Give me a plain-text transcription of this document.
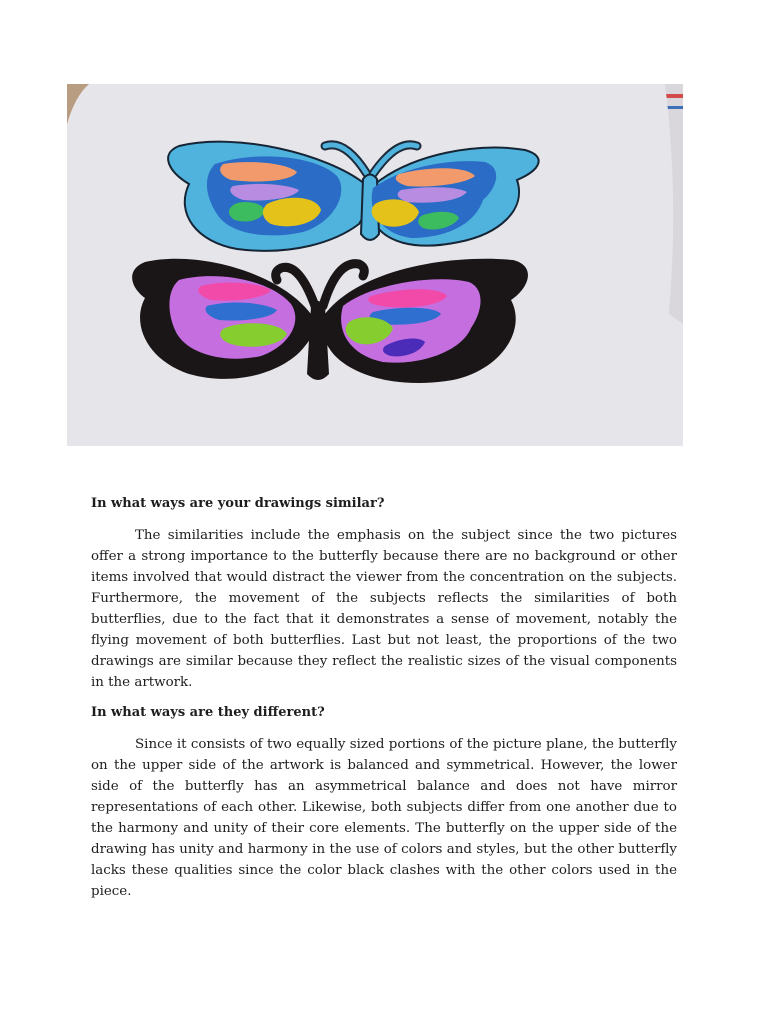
In what ways are your drawings similar?

The similarities include the emphasis on the subject since the two pictures offer a strong importance to the butterfly because there are no background or other items involved that would distract the viewer from the concentration on the subjects. Furthermore, the movement of the subjects reflects the similarities of both butterflies, due to the fact that it demonstrates a sense of movement, notably the flying movement of both butterflies. Last but not least, the proportions of the two drawings are similar because they reflect the realistic sizes of the visual components in the artwork.

In what ways are they different?

Since it consists of two equally sized portions of the picture plane, the butterfly on the upper side of the artwork is balanced and symmetrical. However, the lower side of the butterfly has an asymmetrical balance and does not have mirror representations of each other. Likewise, both subjects differ from one another due to the harmony and unity of their core elements. The butterfly on the upper side of the drawing has unity and harmony in the use of colors and styles, but the other butterfly lacks these qualities since the color black clashes with the other colors used in the piece.
